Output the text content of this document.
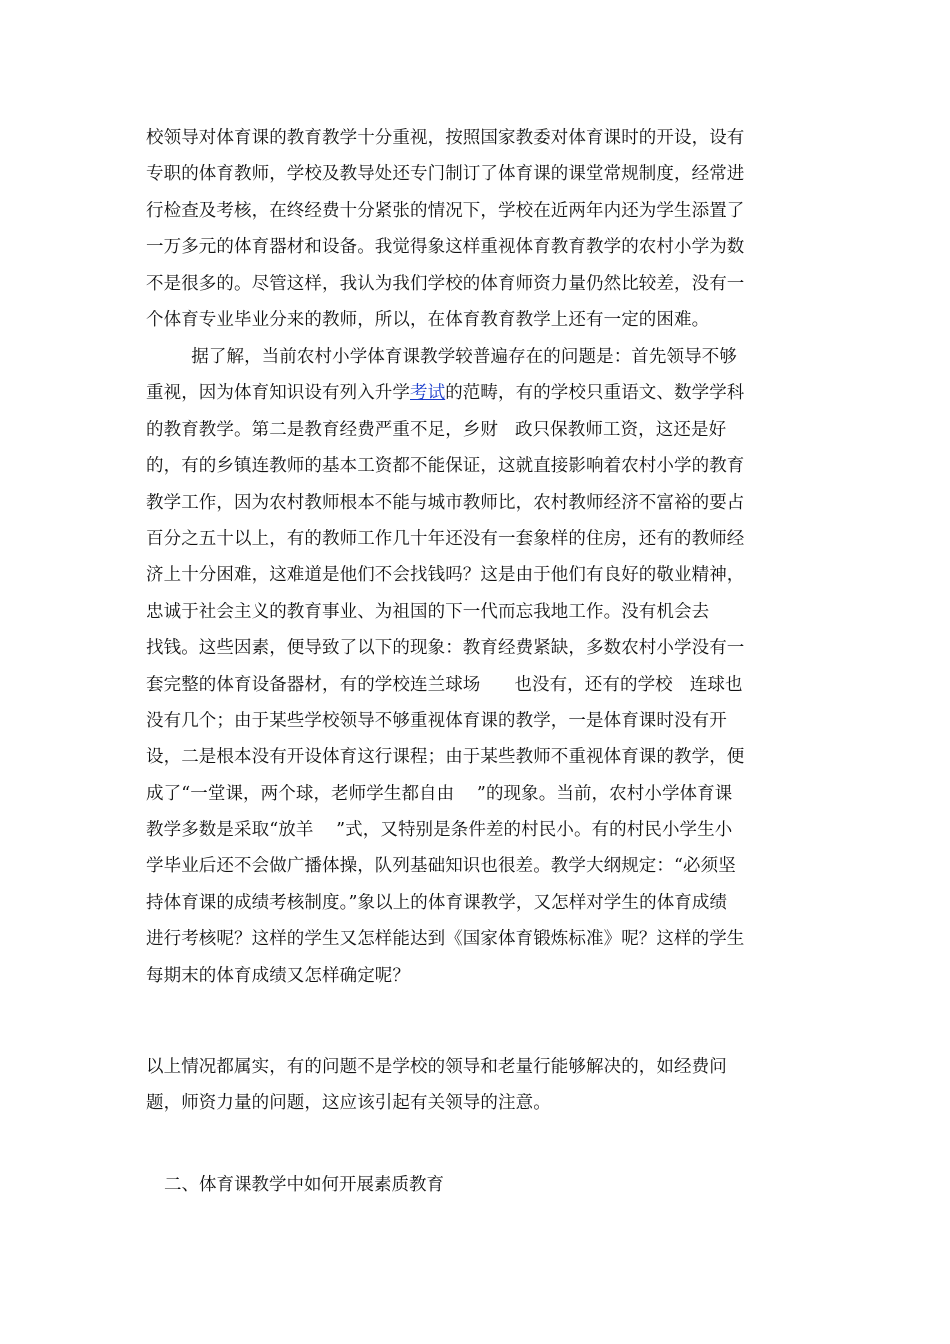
校领导对体育课的教育教学十分重视，按照国家教委对体育课时的开设，设有
专职的体育教师，学校及教导处还专门制订了体育课的课堂常规制度，经常进
行检查及考核，在终经费十分紧张的情况下，学校在近两年内还为学生添置了
一万多元的体育器材和设备。我觉得象这样重视体育教育教学的农村小学为数
不是很多的。尽管这样，我认为我们学校的体育师资力量仍然比较差，没有一
个体育专业毕业分来的教师，所以，在体育教育教学上还有一定的困难。
据了解，当前农村小学体育课教学较普遍存在的问题是：首先领导不够
重视，因为体育知识设有列入升学考试的范畴，有的学校只重语文、数学学科
的教育教学。第二是教育经费严重不足，乡财   政只保教师工资，这还是好
的，有的乡镇连教师的基本工资都不能保证，这就直接影响着农村小学的教育
教学工作，因为农村教师根本不能与城市教师比，农村教师经济不富裕的要占
百分之五十以上，有的教师工作几十年还没有一套象样的住房，还有的教师经
济上十分困难，这难道是他们不会找钱吗？这是由于他们有良好的敬业精神，
忠诚于社会主义的教育事业、为祖国的下一代而忘我地工作。没有机会去
找钱。这些因素，便导致了以下的现象：教育经费紧缺，多数农村小学没有一
套完整的体育设备器材，有的学校连兰球场      也没有，还有的学校   连球也
没有几个；由于某些学校领导不够重视体育课的教学，一是体育课时没有开
设，二是根本没有开设体育这行课程；由于某些教师不重视体育课的教学，便
成了“一堂课，两个球，老师学生都自由    ”的现象。当前，农村小学体育课
教学多数是采取“放羊    ”式，又特别是条件差的村民小。有的村民小学生小
学毕业后还不会做广播体操，队列基础知识也很差。教学大纲规定：“必须坚
持体育课的成绩考核制度。”象以上的体育课教学，又怎样对学生的体育成绩
进行考核呢？这样的学生又怎样能达到《国家体育锻炼标准》呢？这样的学生
每期末的体育成绩又怎样确定呢？
以上情况都属实，有的问题不是学校的领导和老量行能够解决的，如经费问
题，师资力量的问题，这应该引起有关领导的注意。
二、体育课教学中如何开展素质教育
